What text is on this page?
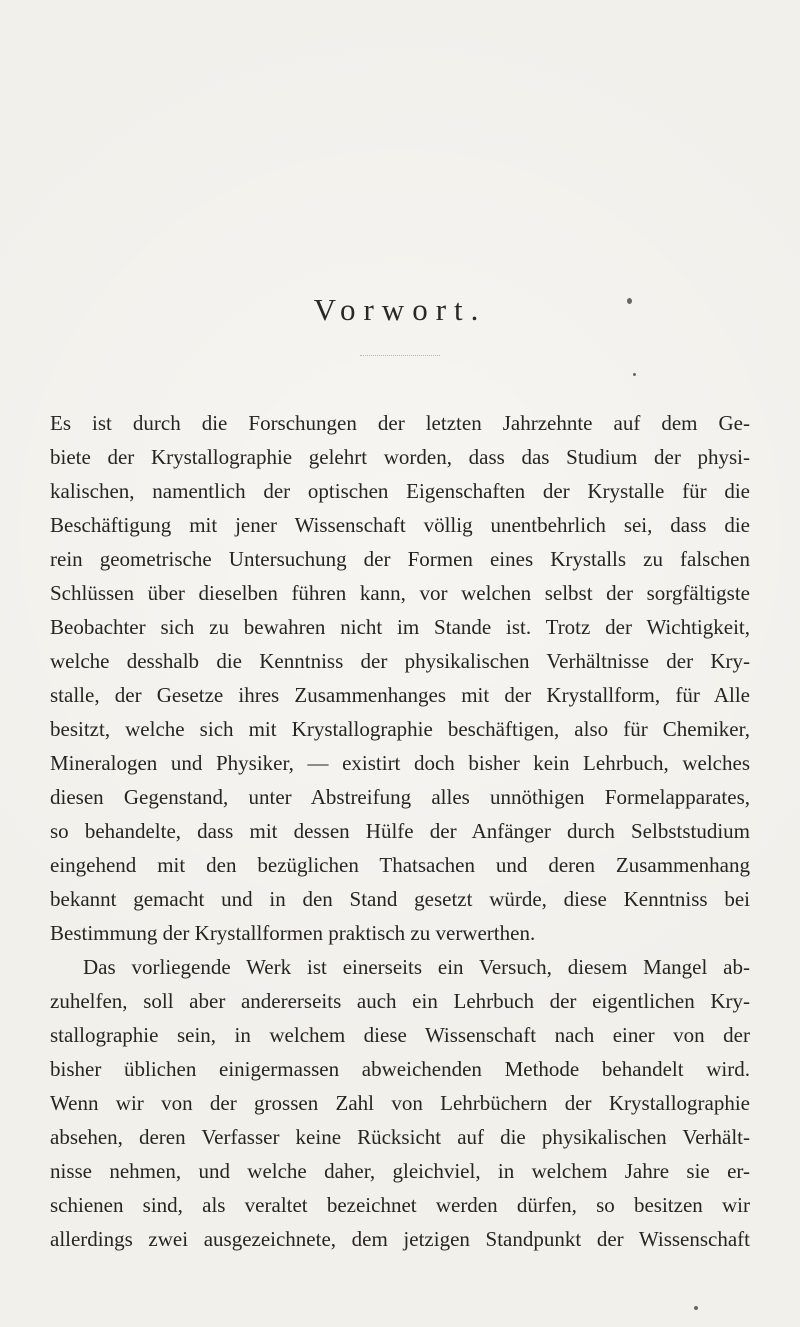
Vorwort.
Es ist durch die Forschungen der letzten Jahrzehnte auf dem Ge-
biete der Krystallographie gelehrt worden, dass das Studium der physi-
kalischen, namentlich der optischen Eigenschaften der Krystalle für die
Beschäftigung mit jener Wissenschaft völlig unentbehrlich sei, dass die
rein geometrische Untersuchung der Formen eines Krystalls zu falschen
Schlüssen über dieselben führen kann, vor welchen selbst der sorgfältigste
Beobachter sich zu bewahren nicht im Stande ist. Trotz der Wichtigkeit,
welche desshalb die Kenntniss der physikalischen Verhältnisse der Kry-
stalle, der Gesetze ihres Zusammenhanges mit der Krystallform, für Alle
besitzt, welche sich mit Krystallographie beschäftigen, also für Chemiker,
Mineralogen und Physiker, — existirt doch bisher kein Lehrbuch, welches
diesen Gegenstand, unter Abstreifung alles unnöthigen Formelapparates,
so behandelte, dass mit dessen Hülfe der Anfänger durch Selbststudium
eingehend mit den bezüglichen Thatsachen und deren Zusammenhang
bekannt gemacht und in den Stand gesetzt würde, diese Kenntniss bei
Bestimmung der Krystallformen praktisch zu verwerthen.
Das vorliegende Werk ist einerseits ein Versuch, diesem Mangel ab-
zuhelfen, soll aber andererseits auch ein Lehrbuch der eigentlichen Kry-
stallographie sein, in welchem diese Wissenschaft nach einer von der
bisher üblichen einigermassen abweichenden Methode behandelt wird.
Wenn wir von der grossen Zahl von Lehrbüchern der Krystallographie
absehen, deren Verfasser keine Rücksicht auf die physikalischen Verhält-
nisse nehmen, und welche daher, gleichviel, in welchem Jahre sie er-
schienen sind, als veraltet bezeichnet werden dürfen, so besitzen wir
allerdings zwei ausgezeichnete, dem jetzigen Standpunkt der Wissenschaft
